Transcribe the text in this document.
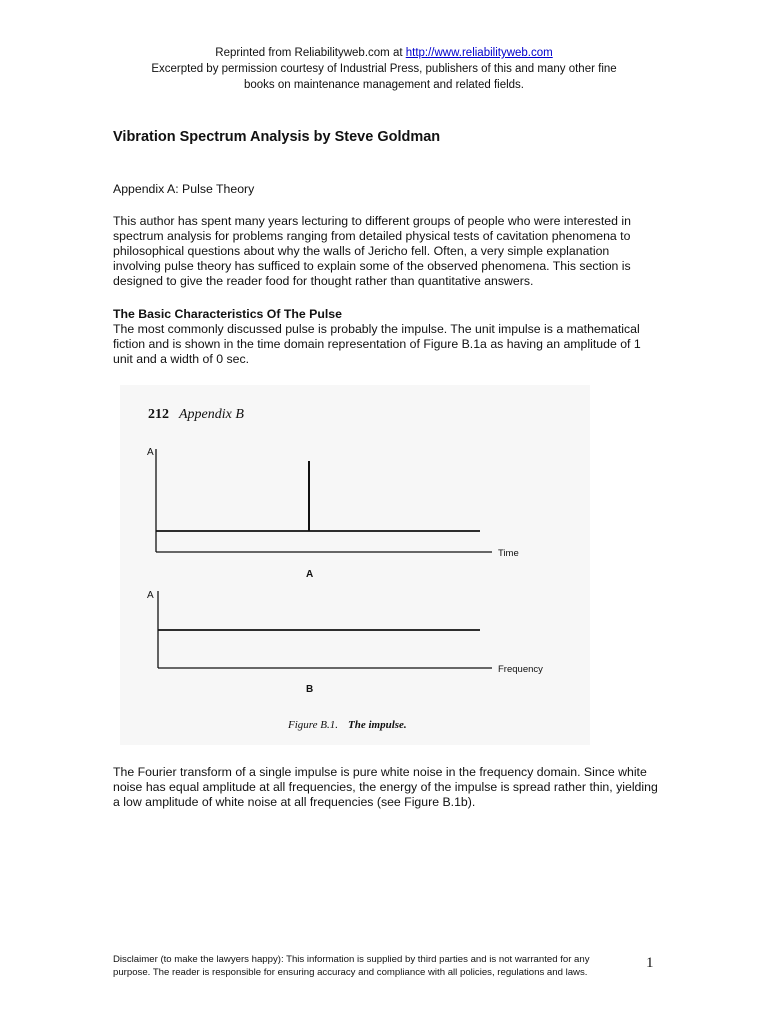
Reprinted from Reliabilityweb.com at http://www.reliabilityweb.com
Excerpted by permission courtesy of Industrial Press, publishers of this and many other fine
books on maintenance management and related fields.
Vibration Spectrum Analysis by Steve Goldman
Appendix A: Pulse Theory
This author has spent many years lecturing to different groups of people who were interested in spectrum analysis for problems ranging from detailed physical tests of cavitation phenomena to philosophical questions about why the walls of Jericho fell. Often, a very simple explanation involving pulse theory has sufficed to explain some of the observed phenomena. This section is designed to give the reader food for thought rather than quantitative answers.
The Basic Characteristics Of The Pulse
The most commonly discussed pulse is probably the impulse. The unit impulse is a mathematical fiction and is shown in the time domain representation of Figure B.1a as having an amplitude of 1 unit and a width of 0 sec.
212 Appendix B
A
Time
A
A
Frequency
B
Figure B.1. The impulse.
The Fourier transform of a single impulse is pure white noise in the frequency domain. Since white noise has equal amplitude at all frequencies, the energy of the impulse is spread rather thin, yielding a low amplitude of white noise at all frequencies (see Figure B.1b).
Disclaimer (to make the lawyers happy): This information is supplied by third parties and is not warranted for any purpose. The reader is responsible for ensuring accuracy and compliance with all policies, regulations and laws.
1
